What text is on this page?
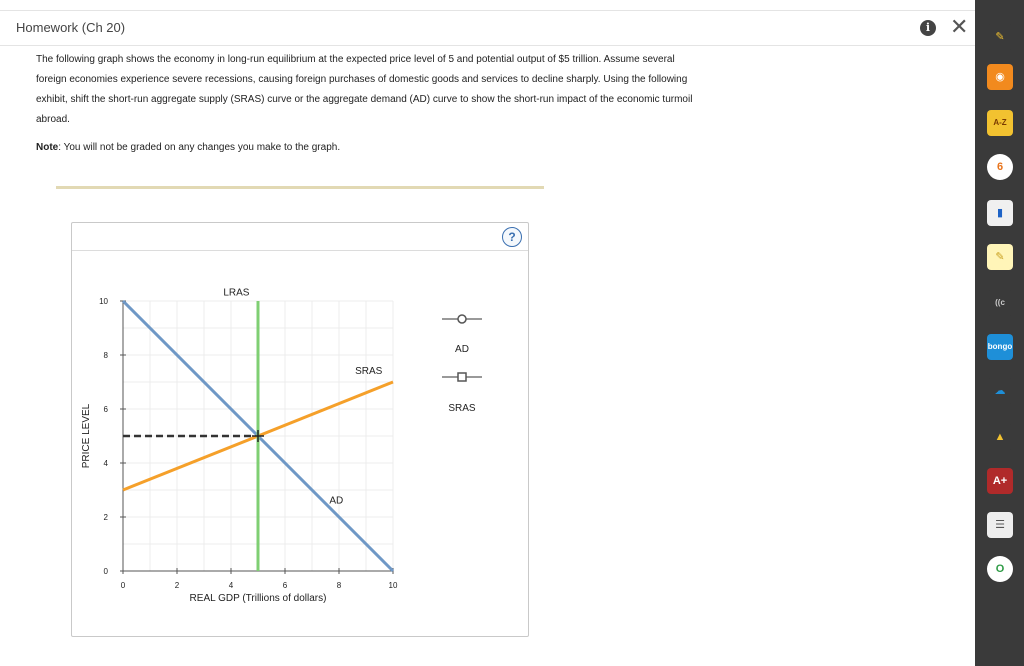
Homework (Ch 20)	i ✕
The following graph shows the economy in long-run equilibrium at the expected price level of 5 and potential output of $5 trillion. Assume several
foreign economies experience severe recessions, causing foreign purchases of domestic goods and services to decline sharply. Using the following
exhibit, shift the short-run aggregate supply (SRAS) curve or the aggregate demand (AD) curve to show the short-run impact of the economic turmoil
abroad.
Note: You will not be graded on any changes you make to the graph.
?
0	2	4	6	8	10
0
2
4
6
8
10
REAL GDP (Trillions of dollars)
PRICE LEVEL
AD
SRAS
LRAS
AD
SRAS
✎
◉
A-Z
6
▮
✎
((c
bongo
☁
▲
A+
☰
O
